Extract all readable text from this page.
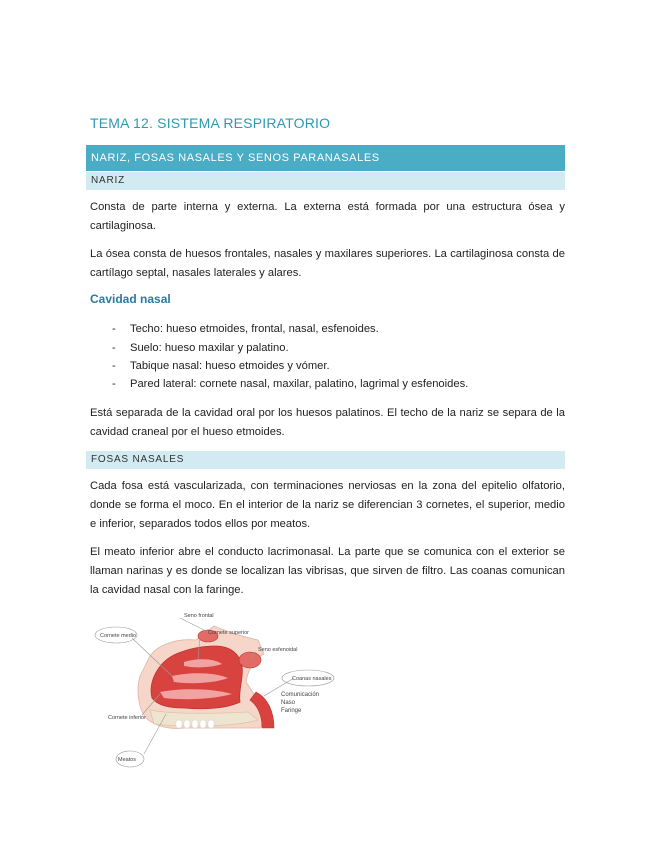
TEMA 12. SISTEMA RESPIRATORIO
NARIZ, FOSAS NASALES Y SENOS PARANASALES
NARIZ

Consta de parte interna y externa. La externa está formada por una estructura ósea y cartilaginosa.

La ósea consta de huesos frontales, nasales y maxilares superiores. La cartilaginosa consta de cartílago septal, nasales laterales y alares.

Cavidad nasal
- Techo: hueso etmoides, frontal, nasal, esfenoides.
- Suelo: hueso maxilar y palatino.
- Tabique nasal: hueso etmoides y vómer.
- Pared lateral: cornete nasal, maxilar, palatino, lagrimal y esfenoides.

Está separada de la cavidad oral por los huesos palatinos. El techo de la nariz se separa de la cavidad craneal por el hueso etmoides.

FOSAS NASALES

Cada fosa está vascularizada, con terminaciones nerviosas en la zona del epitelio olfatorio, donde se forma el moco. En el interior de la nariz se diferencian 3 cornetes, el superior, medio e inferior, separados todos ellos por meatos.

El meato inferior abre el conducto lacrimonasal. La parte que se comunica con el exterior se llaman narinas y es donde se localizan las vibrisas, que sirven de filtro. Las coanas comunican la cavidad nasal con la faringe.

Seno frontal
Cornete medio	Cornete superior
Seno esfenoidal
Coanas nasales
Comunicación
Naso
Faringe
Cornete inferior
Meatos
